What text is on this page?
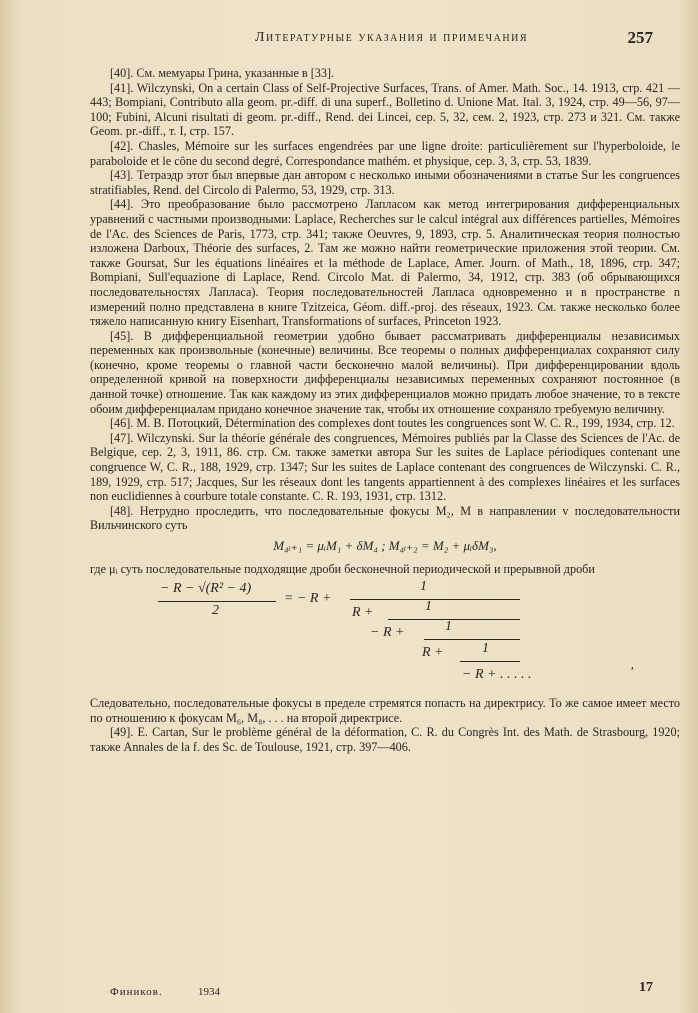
Литературные указания и примечания	257

[40]. См. мемуары Грина, указанные в [33].

[41]. Wilczynski, On a certain Class of Self-Projective Surfaces, Trans. of Amer. Math. Soc., 14. 1913, стр. 421 — 443; Bompiani, Contributo alla geom. pr.-diff. di una superf., Bolletino d. Unione Mat. Ital. 3, 1924, стр. 49—56, 97—100; Fubini, Alcuni risultati di geom. pr.-diff., Rend. dei Lincei, сер. 5, 32, сем. 2, 1923, стр. 273 и 321. См. также Geom. pr.-diff., т. I, стр. 157.

[42]. Chasles, Mémoire sur les surfaces engendrées par une ligne droite: particulièrement sur l'hyperboloide, le paraboloide et le cône du second degré, Correspondance mathém. et physique, сер. 3, 3, стр. 53, 1839.

[43]. Тетраэдр этот был впервые дан автором с несколько иными обозначениями в статье Sur les congruences stratifiables, Rend. del Circolo di Palermo, 53, 1929, стр. 313.

[44]. Это преобразование было рассмотрено Лапласом как метод интегрирования дифференциальных уравнений с частными производными: Laplace, Recherches sur le calcul intégral aux différences partielles, Mémoires de l'Ac. des Sciences de Paris, 1773, стр. 341; также Oeuvres, 9, 1893, стр. 5. Аналитическая теория полностью изложена Darboux, Théorie des surfaces, 2. Там же можно найти геометрические приложения этой теории. См. также Goursat, Sur les équations linéaires et la méthode de Laplace, Amer. Journ. of Math., 18, 1896, стр. 347; Bompiani, Sull'equazione di Laplace, Rend. Circolo Mat. di Palermo, 34, 1912, стр. 383 (об обрывающихся последовательностях Лапласа). Теория последовательностей Лапласа одновременно и в пространстве n измерений полно представлена в книге Tzitzeica, Géom. diff.-proj. des réseaux, 1923. См. также несколько более тяжело написанную книгу Eisenhart, Transformations of surfaces, Princeton 1923.

[45]. В дифференциальной геометрии удобно бывает рассматривать дифференциалы независимых переменных как произвольные (конечные) величины. Все теоремы о полных дифференциалах сохраняют силу (конечно, кроме теоремы о главной части бесконечно малой величины). При дифференцировании вдоль определенной кривой на поверхности дифференциалы независимых переменных сохраняют постоянное (в данной точке) отношение. Так как каждому из этих дифференциалов можно придать любое значение, то в тексте обоим дифференциалам придано конечное значение так, чтобы их отношение сохраняло требуемую величину.

[46]. М. В. Потоцкий, Détermination des complexes dont toutes les congruences sont W. C. R., 199, 1934, стр. 12.

[47]. Wilczynski. Sur la théorie générale des congruences, Mémoires publiés par la Classe des Sciences de l'Ac. de Belgique, сер. 2, 3, 1911, 86. стр. См. также заметки автора Sur les suites de Laplace périodiques contenant une congruence W, C. R., 188, 1929, стр. 1347; Sur les suites de Laplace contenant des congruences de Wilczynski. C. R., 189, 1929, стр. 517; Jacques, Sur les réseaux dont les tangents appartiennent à des complexes linéaires et les surfaces non euclidiennes à courbure totale constante. C. R. 193, 1931, стр. 1312.

[48]. Нетрудно проследить, что последовательные фокусы M₂, M в направлении v последовательности Вильчинского суть

M₄ᵢ₊₁ = μᵢM₁ + δM₄ ; M₄ᵢ₊₂ = M₂ + μᵢδM₃,

где μᵢ суть последовательные подходящие дроби бесконечной периодической и прерывной дроби

− R − √(R² − 4)
2
= − R +
1
R +	1
− R +	1
R +	1
− R + . . . . .	'

Следовательно, последовательные фокусы в пределе стремятся попасть на директрису. То же самое имеет место по отношению к фокусам M₆, M₈, . . . на второй директрисе.

[49]. E. Cartan, Sur le problème général de la déformation, C. R. du Congrès Int. des Math. de Strasbourg, 1920; также Annales de la f. des Sc. de Toulouse, 1921, стр. 397—406.

Фиников.	1934	17
